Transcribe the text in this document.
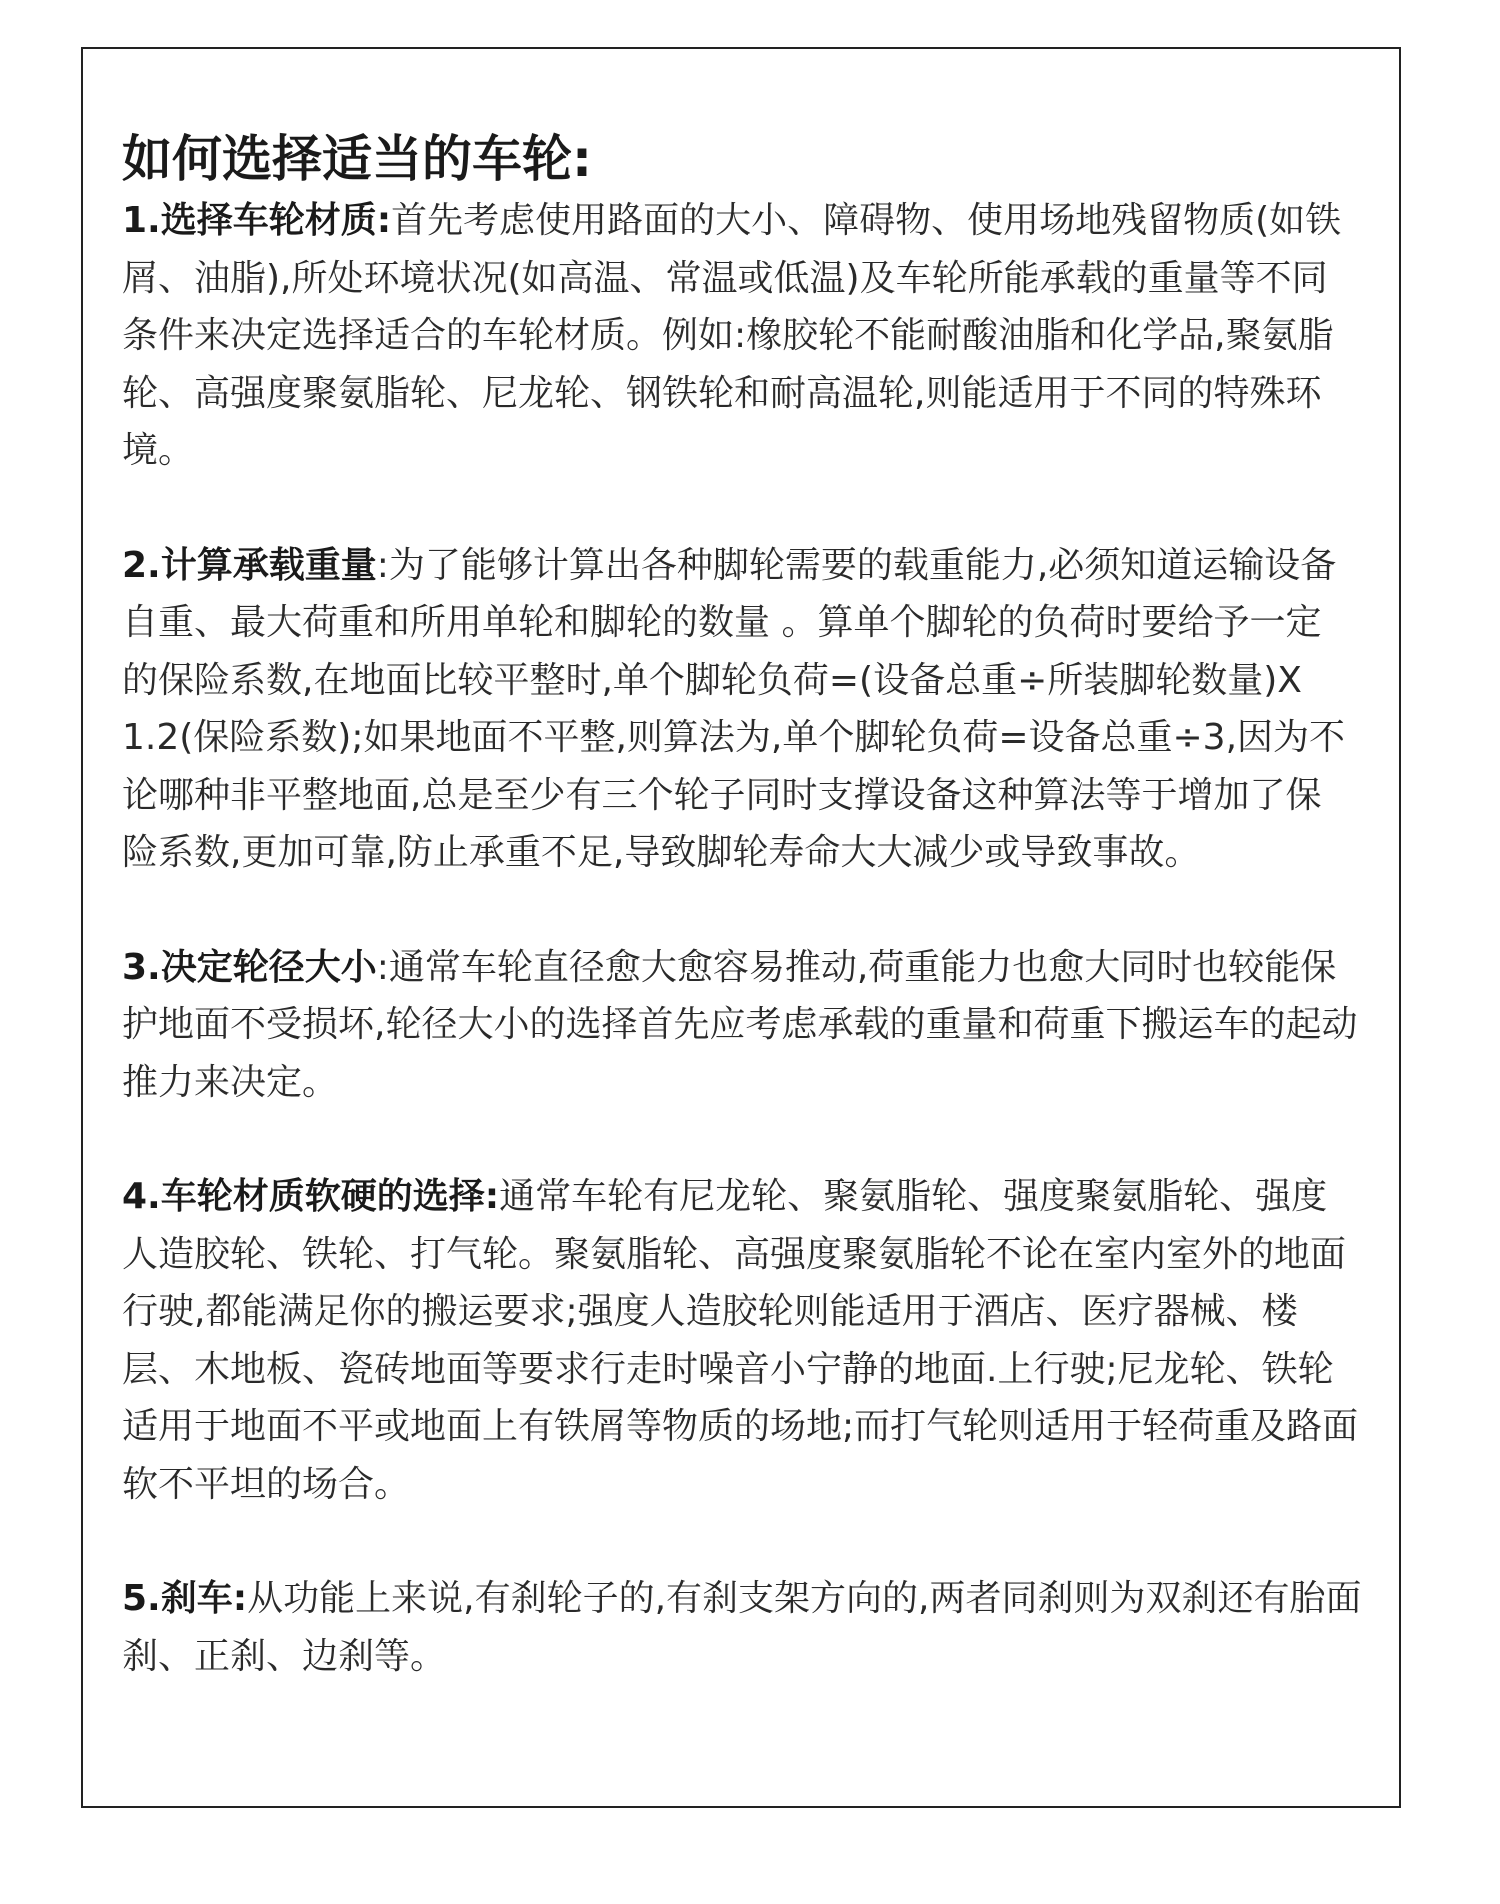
如何选择适当的车轮:
1.选择车轮材质:首先考虑使用路面的大小、障碍物、使用场地残留物质(如铁屑、油脂),所处环境状况(如高温、常温或低温)及车轮所能承载的重量等不同条件来决定选择适合的车轮材质。例如:橡胶轮不能耐酸油脂和化学品,聚氨脂轮、高强度聚氨脂轮、尼龙轮、钢铁轮和耐高温轮,则能适用于不同的特殊环境。
2.计算承载重量:为了能够计算出各种脚轮需要的载重能力,必须知道运输设备自重、最大荷重和所用单轮和脚轮的数量 。算单个脚轮的负荷时要给予一定的保险系数,在地面比较平整时,单个脚轮负荷=(设备总重÷所装脚轮数量)X 1.2(保险系数);如果地面不平整,则算法为,单个脚轮负荷=设备总重÷3,因为不论哪种非平整地面,总是至少有三个轮子同时支撑设备这种算法等于增加了保险系数,更加可靠,防止承重不足,导致脚轮寿命大大减少或导致事故。
3.决定轮径大小:通常车轮直径愈大愈容易推动,荷重能力也愈大同时也较能保护地面不受损坏,轮径大小的选择首先应考虑承载的重量和荷重下搬运车的起动推力来决定。
4.车轮材质软硬的选择:通常车轮有尼龙轮、聚氨脂轮、强度聚氨脂轮、强度人造胶轮、铁轮、打气轮。聚氨脂轮、高强度聚氨脂轮不论在室内室外的地面行驶,都能满足你的搬运要求;强度人造胶轮则能适用于酒店、医疗器械、楼层、木地板、瓷砖地面等要求行走时噪音小宁静的地面.上行驶;尼龙轮、铁轮适用于地面不平或地面上有铁屑等物质的场地;而打气轮则适用于轻荷重及路面软不平坦的场合。
5.刹车:从功能上来说,有刹轮子的,有刹支架方向的,两者同刹则为双刹还有胎面刹、正刹、边刹等。
